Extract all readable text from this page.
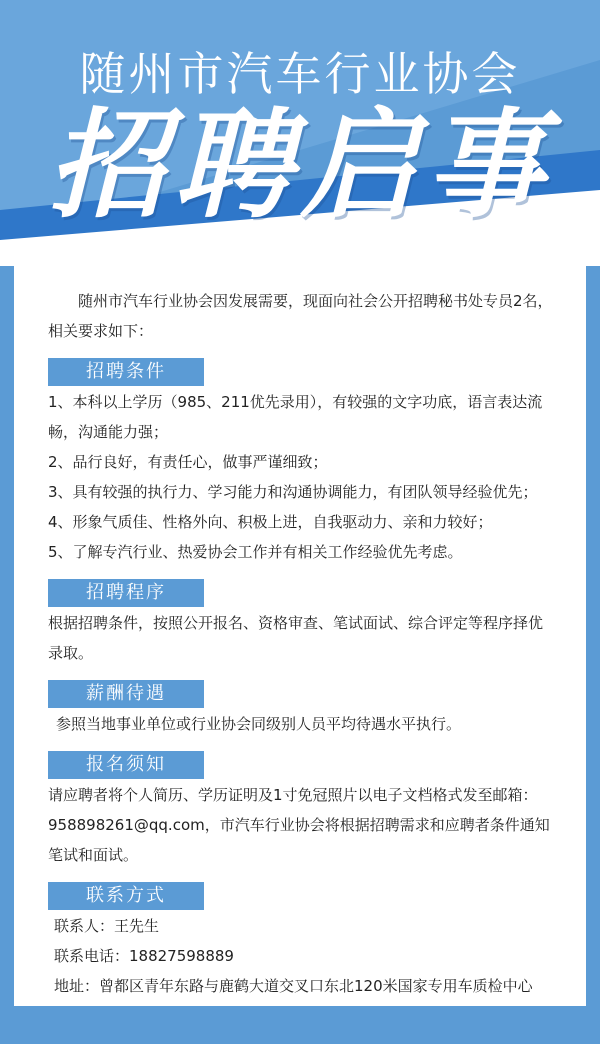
随州市汽车行业协会
招聘启事
随州市汽车行业协会因发展需要，现面向社会公开招聘秘书处专员2名，相关要求如下：
招聘条件
1、本科以上学历（985、211优先录用），有较强的文字功底，语言表达流畅，沟通能力强；
2、品行良好，有责任心，做事严谨细致；
3、具有较强的执行力、学习能力和沟通协调能力，有团队领导经验优先；
4、形象气质佳、性格外向、积极上进，自我驱动力、亲和力较好；
5、了解专汽行业、热爱协会工作并有相关工作经验优先考虑。
招聘程序
根据招聘条件，按照公开报名、资格审查、笔试面试、综合评定等程序择优录取。
薪酬待遇
参照当地事业单位或行业协会同级别人员平均待遇水平执行。
报名须知
请应聘者将个人简历、学历证明及1寸免冠照片以电子文档格式发至邮箱：
958898261@qq.com，市汽车行业协会将根据招聘需求和应聘者条件通知笔试和面试。
联系方式
联系人：王先生
联系电话：18827598889
地址：曾都区青年东路与鹿鹤大道交叉口东北120米国家专用车质检中心
